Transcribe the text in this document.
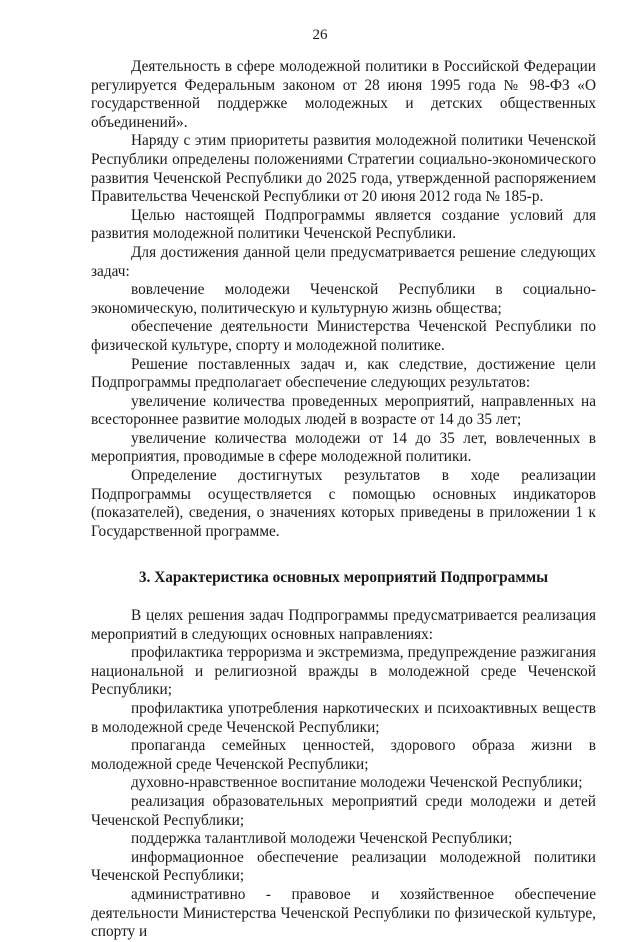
26

Деятельность в сфере молодежной политики в Российской Федерации регулируется Федеральным законом от 28 июня 1995 года № 98-ФЗ «О государственной поддержке молодежных и детских общественных объединений».

Наряду с этим приоритеты развития молодежной политики Чеченской Республики определены положениями Стратегии социально-экономического развития Чеченской Республики до 2025 года, утвержденной распоряжением Правительства Чеченской Республики от 20 июня 2012 года № 185-р.

Целью настоящей Подпрограммы является создание условий для развития молодежной политики Чеченской Республики.

Для достижения данной цели предусматривается решение следующих задач:

вовлечение молодежи Чеченской Республики в социально-экономическую, политическую и культурную жизнь общества;

обеспечение деятельности Министерства Чеченской Республики по физической культуре, спорту и молодежной политике.

Решение поставленных задач и, как следствие, достижение цели Подпрограммы предполагает обеспечение следующих результатов:

увеличение количества проведенных мероприятий, направленных на всестороннее развитие молодых людей в возрасте от 14 до 35 лет;

увеличение количества молодежи от 14 до 35 лет, вовлеченных в мероприятия, проводимые в сфере молодежной политики.

Определение достигнутых результатов в ходе реализации Подпрограммы осуществляется с помощью основных индикаторов (показателей), сведения, о значениях которых приведены в приложении 1 к Государственной программе.

3. Характеристика основных мероприятий Подпрограммы

В целях решения задач Подпрограммы предусматривается реализация мероприятий в следующих основных направлениях:

профилактика терроризма и экстремизма, предупреждение разжигания национальной и религиозной вражды в молодежной среде Чеченской Республики;

профилактика употребления наркотических и психоактивных веществ в молодежной среде Чеченской Республики;

пропаганда семейных ценностей, здорового образа жизни в молодежной среде Чеченской Республики;

духовно-нравственное воспитание молодежи Чеченской Республики;

реализация образовательных мероприятий среди молодежи и детей Чеченской Республики;

поддержка талантливой молодежи Чеченской Республики;

информационное обеспечение реализации молодежной политики Чеченской Республики;

административно - правовое и хозяйственное обеспечение деятельности Министерства Чеченской Республики по физической культуре, спорту и
